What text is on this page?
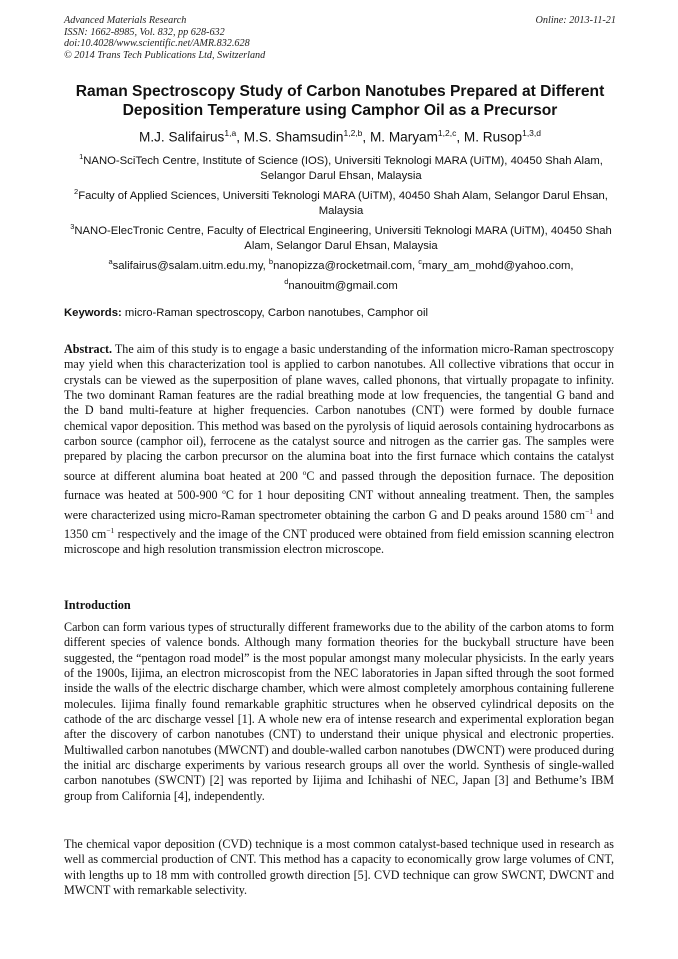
Advanced Materials Research
ISSN: 1662-8985, Vol. 832, pp 628-632
doi:10.4028/www.scientific.net/AMR.832.628
© 2014 Trans Tech Publications Ltd, Switzerland
Online: 2013-11-21
Raman Spectroscopy Study of Carbon Nanotubes Prepared at Different Deposition Temperature using Camphor Oil as a Precursor
M.J. Salifairus$^{1,a}$, M.S. Shamsudin$^{1,2,b}$, M. Maryam$^{1,2,c}$, M. Rusop$^{1,3,d}$
$^1$NANO-SciTech Centre, Institute of Science (IOS), Universiti Teknologi MARA (UiTM), 40450 Shah Alam, Selangor Darul Ehsan, Malaysia
$^2$Faculty of Applied Sciences, Universiti Teknologi MARA (UiTM), 40450 Shah Alam, Selangor Darul Ehsan, Malaysia
$^3$NANO-ElecTronic Centre, Faculty of Electrical Engineering, Universiti Teknologi MARA (UiTM), 40450 Shah Alam, Selangor Darul Ehsan, Malaysia
$^a$salifairus@salam.uitm.edu.my, $^b$nanopizza@rocketmail.com, $^c$mary_am_mohd@yahoo.com, $^d$nanouitm@gmail.com
Keywords: micro-Raman spectroscopy, Carbon nanotubes, Camphor oil
Abstract. The aim of this study is to engage a basic understanding of the information micro-Raman spectroscopy may yield when this characterization tool is applied to carbon nanotubes. All collective vibrations that occur in crystals can be viewed as the superposition of plane waves, called phonons, that virtually propagate to infinity. The two dominant Raman features are the radial breathing mode at low frequencies, the tangential G band and the D band multi-feature at higher frequencies. Carbon nanotubes (CNT) were formed by double furnace chemical vapor deposition. This method was based on the pyrolysis of liquid aerosols containing hydrocarbons as carbon source (camphor oil), ferrocene as the catalyst source and nitrogen as the carrier gas. The samples were prepared by placing the carbon precursor on the alumina boat into the first furnace which contains the catalyst source at different alumina boat heated at 200 $^o$C and passed through the deposition furnace. The deposition furnace was heated at 500-900 $^o$C for 1 hour depositing CNT without annealing treatment. Then, the samples were characterized using micro-Raman spectrometer obtaining the carbon G and D peaks around 1580 $cm^{-1}$ and 1350 $cm^{-1}$ respectively and the image of the CNT produced were obtained from field emission scanning electron microscope and high resolution transmission electron microscope.
Introduction
Carbon can form various types of structurally different frameworks due to the ability of the carbon atoms to form different species of valence bonds. Although many formation theories for the buckyball structure have been suggested, the “pentagon road model” is the most popular amongst many molecular physicists. In the early years of the 1900s, Iijima, an electron microscopist from the NEC laboratories in Japan sifted through the soot formed inside the walls of the electric discharge chamber, which were almost completely amorphous containing fullerene molecules. Iijima finally found remarkable graphitic structures when he observed cylindrical deposits on the cathode of the arc discharge vessel [1]. A whole new era of intense research and experimental exploration began after the discovery of carbon nanotubes (CNT) to understand their unique physical and electronic properties. Multiwalled carbon nanotubes (MWCNT) and double-walled carbon nanotubes (DWCNT) were produced during the initial arc discharge experiments by various research groups all over the world. Synthesis of single-walled carbon nanotubes (SWCNT) [2] was reported by Iijima and Ichihashi of NEC, Japan [3] and Bethume’s IBM group from California [4], independently.
The chemical vapor deposition (CVD) technique is a most common catalyst-based technique used in research as well as commercial production of CNT. This method has a capacity to economically grow large volumes of CNT, with lengths up to 18 mm with controlled growth direction [5]. CVD technique can grow SWCNT, DWCNT and MWCNT with remarkable selectivity.
